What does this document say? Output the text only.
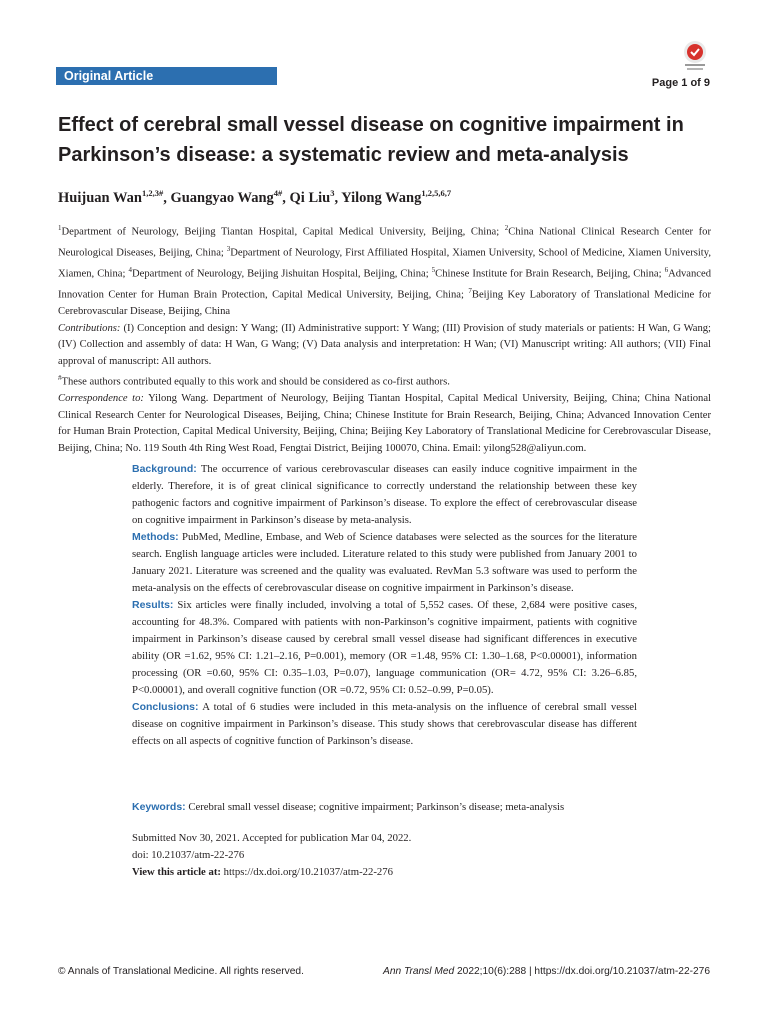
Original Article	Page 1 of 9
Effect of cerebral small vessel disease on cognitive impairment in Parkinson’s disease: a systematic review and meta-analysis

Huijuan Wan$^{1,2,3\#}$, Guangyao Wang$^{4\#}$, Qi Liu$^3$, Yilong Wang$^{1,2,5,6,7}$

$^1$Department of Neurology, Beijing Tiantan Hospital, Capital Medical University, Beijing, China; $^2$China National Clinical Research Center for Neurological Diseases, Beijing, China; $^3$Department of Neurology, First Affiliated Hospital, Xiamen University, School of Medicine, Xiamen University, Xiamen, China; $^4$Department of Neurology, Beijing Jishuitan Hospital, Beijing, China; $^5$Chinese Institute for Brain Research, Beijing, China; $^6$Advanced Innovation Center for Human Brain Protection, Capital Medical University, Beijing, China; $^7$Beijing Key Laboratory of Translational Medicine for Cerebrovascular Disease, Beijing, China

Contributions: (I) Conception and design: Y Wang; (II) Administrative support: Y Wang; (III) Provision of study materials or patients: H Wan, G Wang; (IV) Collection and assembly of data: H Wan, G Wang; (V) Data analysis and interpretation: H Wan; (VI) Manuscript writing: All authors; (VII) Final approval of manuscript: All authors.

#These authors contributed equally to this work and should be considered as co-first authors.

Correspondence to: Yilong Wang. Department of Neurology, Beijing Tiantan Hospital, Capital Medical University, Beijing, China; China National Clinical Research Center for Neurological Diseases, Beijing, China; Chinese Institute for Brain Research, Beijing, China; Advanced Innovation Center for Human Brain Protection, Capital Medical University, Beijing, China; Beijing Key Laboratory of Translational Medicine for Cerebrovascular Disease, Beijing, China; No. 119 South 4th Ring West Road, Fengtai District, Beijing 100070, China. Email: yilong528@aliyun.com.

Background: The occurrence of various cerebrovascular diseases can easily induce cognitive impairment in the elderly. Therefore, it is of great clinical significance to correctly understand the relationship between these key pathogenic factors and cognitive impairment of Parkinson’s disease. To explore the effect of cerebrovascular disease on cognitive impairment in Parkinson’s disease by meta-analysis.

Methods: PubMed, Medline, Embase, and Web of Science databases were selected as the sources for the literature search. English language articles were included. Literature related to this study were published from January 2001 to January 2021. Literature was screened and the quality was evaluated. RevMan 5.3 software was used to perform the meta-analysis on the effects of cerebrovascular disease on cognitive impairment in Parkinson’s disease.

Results: Six articles were finally included, involving a total of 5,552 cases. Of these, 2,684 were positive cases, accounting for 48.3%. Compared with patients with non-Parkinson’s cognitive impairment, patients with cognitive impairment in Parkinson’s disease caused by cerebral small vessel disease had significant differences in executive ability (OR =1.62, 95% CI: 1.21–2.16, P=0.001), memory (OR =1.48, 95% CI: 1.30–1.68, P<0.00001), information processing (OR =0.60, 95% CI: 0.35–1.03, P=0.07), language communication (OR= 4.72, 95% CI: 3.26–6.85, P<0.00001), and overall cognitive function (OR =0.72, 95% CI: 0.52–0.99, P=0.05).

Conclusions: A total of 6 studies were included in this meta-analysis on the influence of cerebral small vessel disease on cognitive impairment in Parkinson’s disease. This study shows that cerebrovascular disease has different effects on all aspects of cognitive function of Parkinson’s disease.

Keywords: Cerebral small vessel disease; cognitive impairment; Parkinson’s disease; meta-analysis

Submitted Nov 30, 2021. Accepted for publication Mar 04, 2022.
doi: 10.21037/atm-22-276
View this article at: https://dx.doi.org/10.21037/atm-22-276
© Annals of Translational Medicine. All rights reserved.	Ann Transl Med 2022;10(6):288 | https://dx.doi.org/10.21037/atm-22-276
